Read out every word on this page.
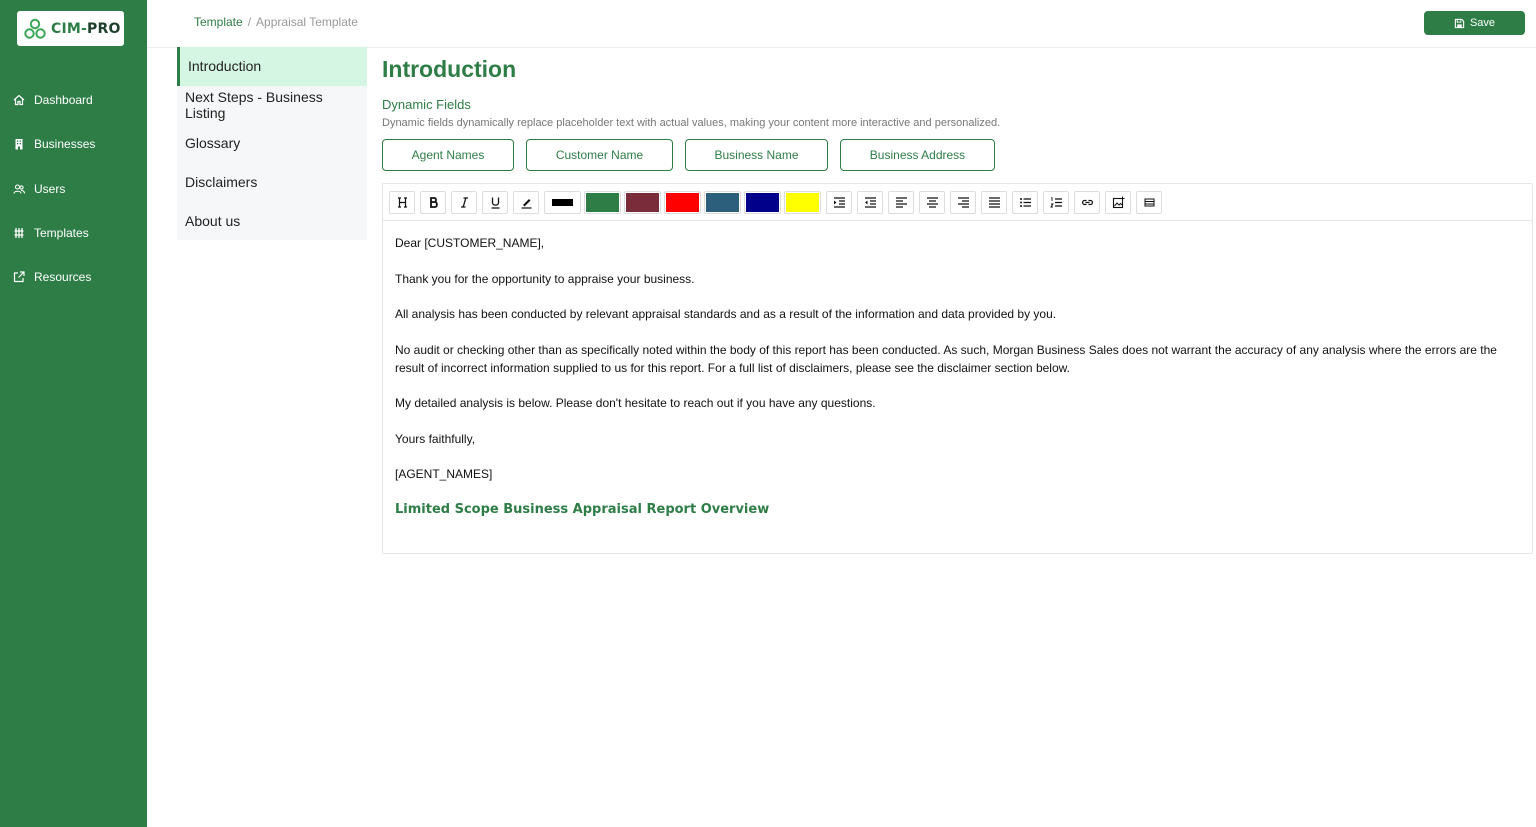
CIM-PRO
Dashboard
Businesses
Users
Templates
Resources
Template / Appraisal Template	Save
Introduction
Next Steps - Business Listing
Glossary
Disclaimers
About us
Introduction
Dynamic Fields
Dynamic fields dynamically replace placeholder text with actual values, making your content more interactive and personalized.
Agent Names	Customer Name	Business Name	Business Address

Dear [CUSTOMER_NAME],

Thank you for the opportunity to appraise your business.

All analysis has been conducted by relevant appraisal standards and as a result of the information and data provided by you.

No audit or checking other than as specifically noted within the body of this report has been conducted. As such, Morgan Business Sales does not warrant the accuracy of any analysis where the errors are the result of incorrect information supplied to us for this report. For a full list of disclaimers, please see the disclaimer section below.

My detailed analysis is below. Please don't hesitate to reach out if you have any questions.

Yours faithfully,

[AGENT_NAMES]

Limited Scope Business Appraisal Report Overview
